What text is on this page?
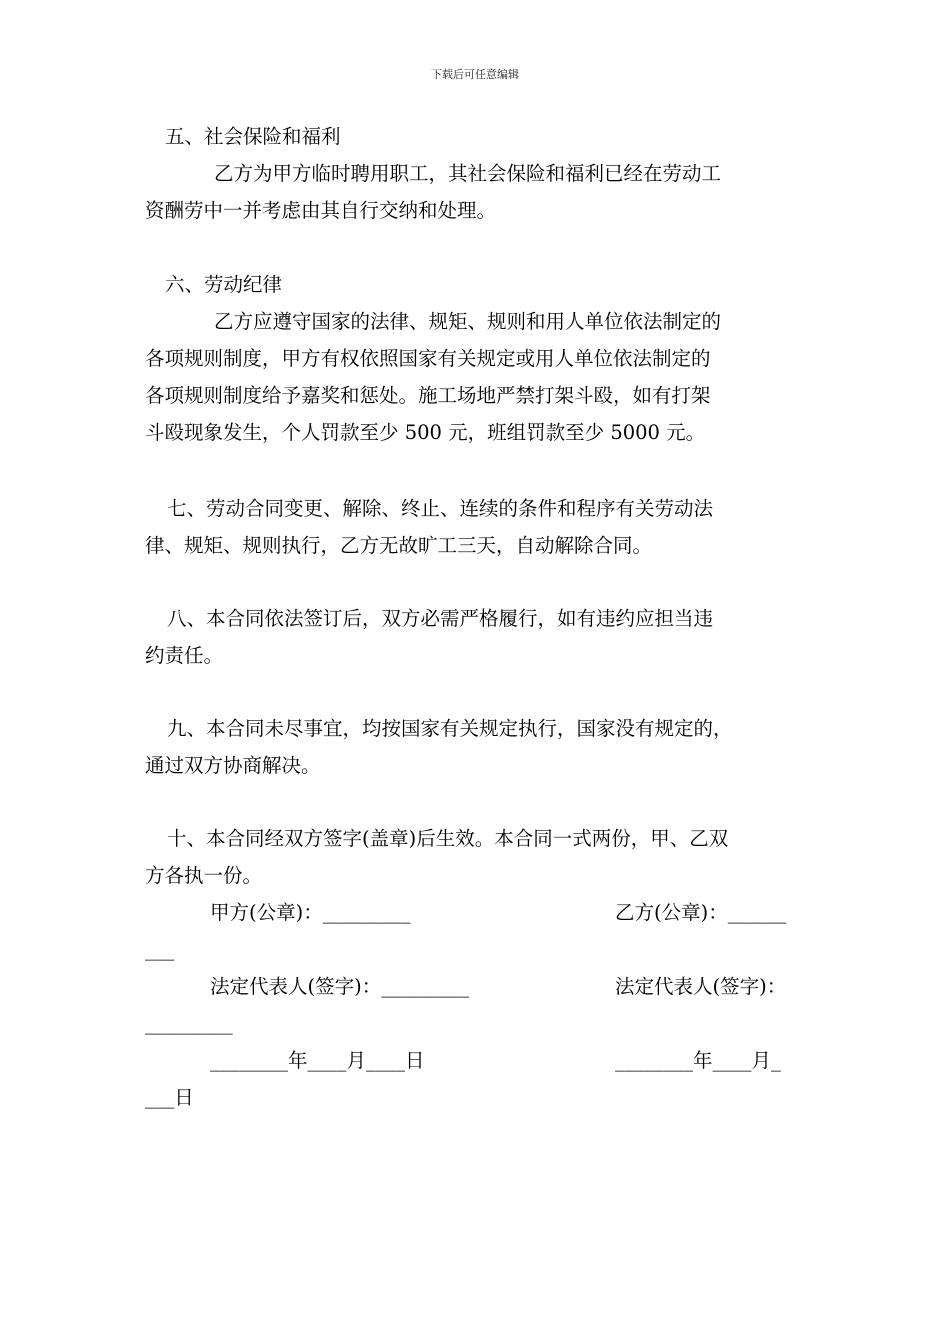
下载后可任意编辑
五、社会保险和福利
乙方为甲方临时聘用职工，其社会保险和福利已经在劳动工
资酬劳中一并考虑由其自行交纳和处理。
六、劳动纪律
乙方应遵守国家的法律、规矩、规则和用人单位依法制定的
各项规则制度，甲方有权依照国家有关规定或用人单位依法制定的
各项规则制度给予嘉奖和惩处。施工场地严禁打架斗殴，如有打架
斗殴现象发生，个人罚款至少 500 元，班组罚款至少 5000 元。
七、劳动合同变更、解除、终止、连续的条件和程序有关劳动法
律、规矩、规则执行，乙方无故旷工三天，自动解除合同。
八、本合同依法签订后，双方必需严格履行，如有违约应担当违
约责任。
九、本合同未尽事宜，均按国家有关规定执行，国家没有规定的，
通过双方协商解决。
十、本合同经双方签字(盖章)后生效。本合同一式两份，甲、乙双
方各执一份。
甲方(公章)：_________	乙方(公章)：______
___
法定代表人(签字)：_________	法定代表人(签字)：
_________
________年____月____日	________年____月_
___日
